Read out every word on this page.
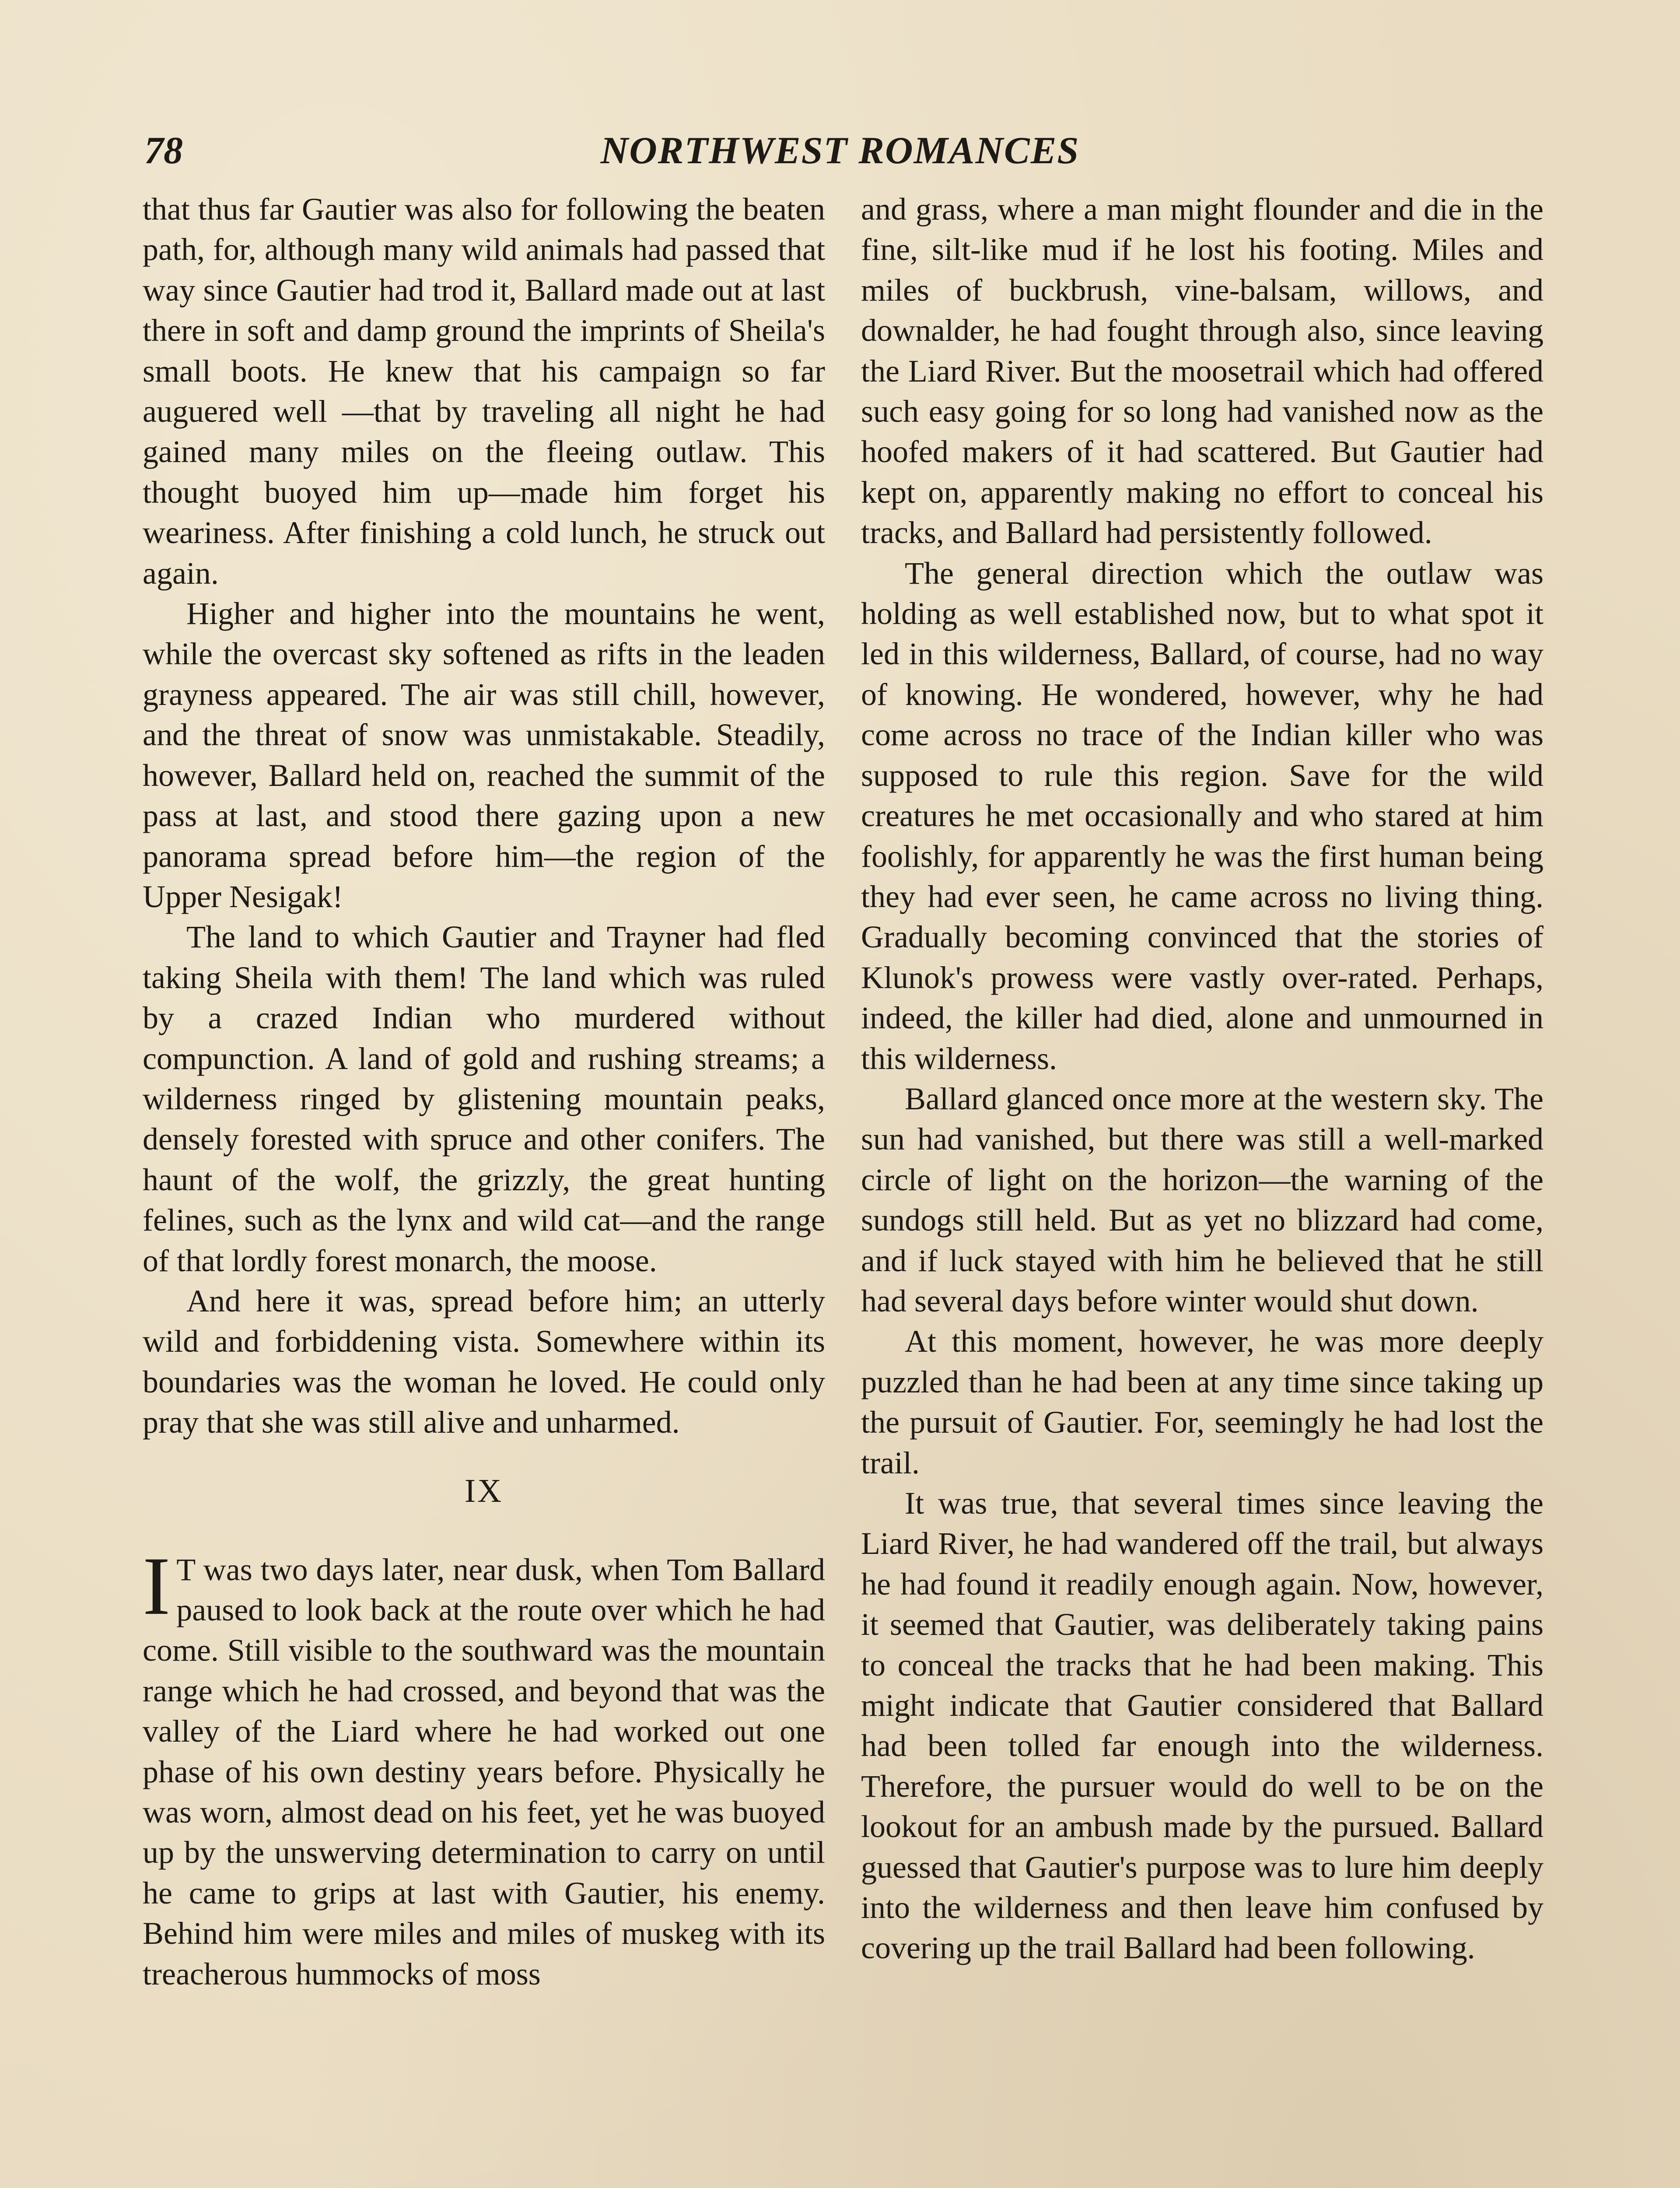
78	NORTHWEST ROMANCES

that thus far Gautier was also for following the beaten path, for, although many wild animals had passed that way since Gautier had trod it, Ballard made out at last there in soft and damp ground the imprints of Sheila's small boots. He knew that his campaign so far auguered well —that by traveling all night he had gained many miles on the fleeing outlaw. This thought buoyed him up—made him forget his weariness. After finishing a cold lunch, he struck out again.

Higher and higher into the mountains he went, while the overcast sky softened as rifts in the leaden grayness appeared. The air was still chill, however, and the threat of snow was unmistakable. Steadily, however, Ballard held on, reached the summit of the pass at last, and stood there gazing upon a new panorama spread before him—the region of the Upper Nesigak!

The land to which Gautier and Trayner had fled taking Sheila with them! The land which was ruled by a crazed Indian who murdered without compunction. A land of gold and rushing streams; a wilderness ringed by glistening mountain peaks, densely forested with spruce and other conifers. The haunt of the wolf, the grizzly, the great hunting felines, such as the lynx and wild cat—and the range of that lordly forest monarch, the moose.

And here it was, spread before him; an utterly wild and forbiddening vista. Somewhere within its boundaries was the woman he loved. He could only pray that she was still alive and unharmed.

IX

I T was two days later, near dusk, when Tom Ballard paused to look back at the route over which he had come. Still visible to the southward was the mountain range which he had crossed, and beyond that was the valley of the Liard where he had worked out one phase of his own destiny years before. Physically he was worn, almost dead on his feet, yet he was buoyed up by the unswerving determination to carry on until he came to grips at last with Gautier, his enemy. Behind him were miles and miles of muskeg with its treacherous hummocks of moss

and grass, where a man might flounder and die in the fine, silt-like mud if he lost his footing. Miles and miles of buckbrush, vine-balsam, willows, and downalder, he had fought through also, since leaving the Liard River. But the moosetrail which had offered such easy going for so long had vanished now as the hoofed makers of it had scattered. But Gautier had kept on, apparently making no effort to conceal his tracks, and Ballard had persistently followed.

The general direction which the outlaw was holding as well established now, but to what spot it led in this wilderness, Ballard, of course, had no way of knowing. He wondered, however, why he had come across no trace of the Indian killer who was supposed to rule this region. Save for the wild creatures he met occasionally and who stared at him foolishly, for apparently he was the first human being they had ever seen, he came across no living thing. Gradually becoming convinced that the stories of Klunok's prowess were vastly over-rated. Perhaps, indeed, the killer had died, alone and unmourned in this wilderness.

Ballard glanced once more at the western sky. The sun had vanished, but there was still a well-marked circle of light on the horizon—the warning of the sundogs still held. But as yet no blizzard had come, and if luck stayed with him he believed that he still had several days before winter would shut down.

At this moment, however, he was more deeply puzzled than he had been at any time since taking up the pursuit of Gautier. For, seemingly he had lost the trail.

It was true, that several times since leaving the Liard River, he had wandered off the trail, but always he had found it readily enough again. Now, however, it seemed that Gautier, was deliberately taking pains to conceal the tracks that he had been making. This might indicate that Gautier considered that Ballard had been tolled far enough into the wilderness. Therefore, the pursuer would do well to be on the lookout for an ambush made by the pursued. Ballard guessed that Gautier's purpose was to lure him deeply into the wilderness and then leave him confused by covering up the trail Ballard had been following.
